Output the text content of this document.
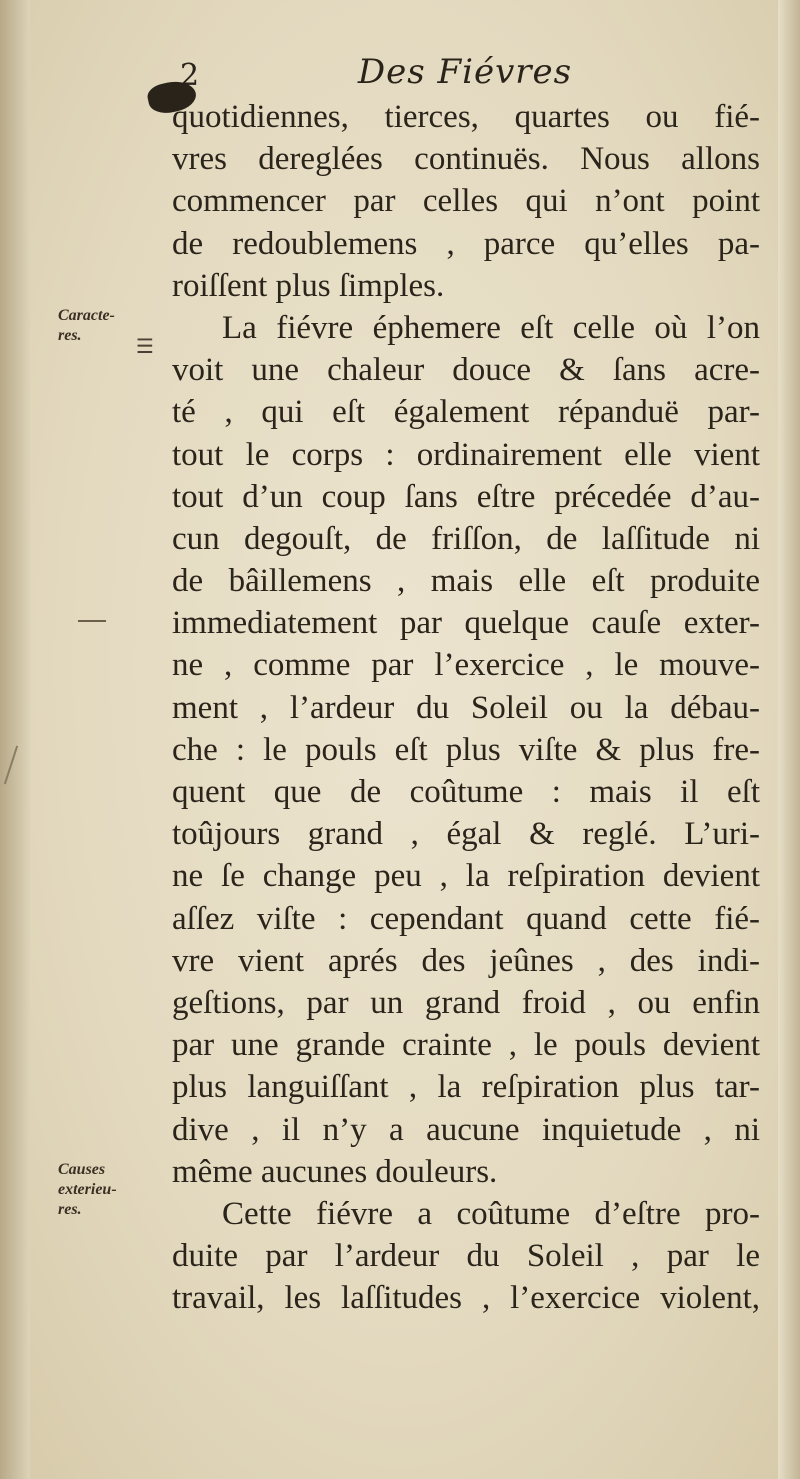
2	Des Fiévres
Caracte-
res.	☰
Causes
exterieu-
res.
quotidiennes, tierces, quartes ou fié-
vres dereglées continuës. Nous allons
commencer par celles qui n’ont point
de redoublemens , parce qu’elles pa-
roiſſent plus ſimples.
La fiévre éphemere eſt celle où l’on
voit une chaleur douce & ſans acre-
té , qui eſt également répanduë par-
tout le corps : ordinairement elle vient
tout d’un coup ſans eſtre précedée d’au-
cun degouſt, de friſſon, de laſſitude ni
de bâillemens , mais elle eſt produite
immediatement par quelque cauſe exter-
ne , comme par l’exercice , le mouve-
ment , l’ardeur du Soleil ou la débau-
che : le pouls eſt plus viſte & plus fre-
quent que de coûtume : mais il eſt
toûjours grand , égal & reglé. L’uri-
ne ſe change peu , la reſpiration devient
aſſez viſte : cependant quand cette fié-
vre vient aprés des jeûnes , des indi-
geſtions, par un grand froid , ou enfin
par une grande crainte , le pouls devient
plus languiſſant , la reſpiration plus tar-
dive , il n’y a aucune inquietude , ni
même aucunes douleurs.
Cette fiévre a coûtume d’eſtre pro-
duite par l’ardeur du Soleil , par le
travail, les laſſitudes , l’exercice violent,
